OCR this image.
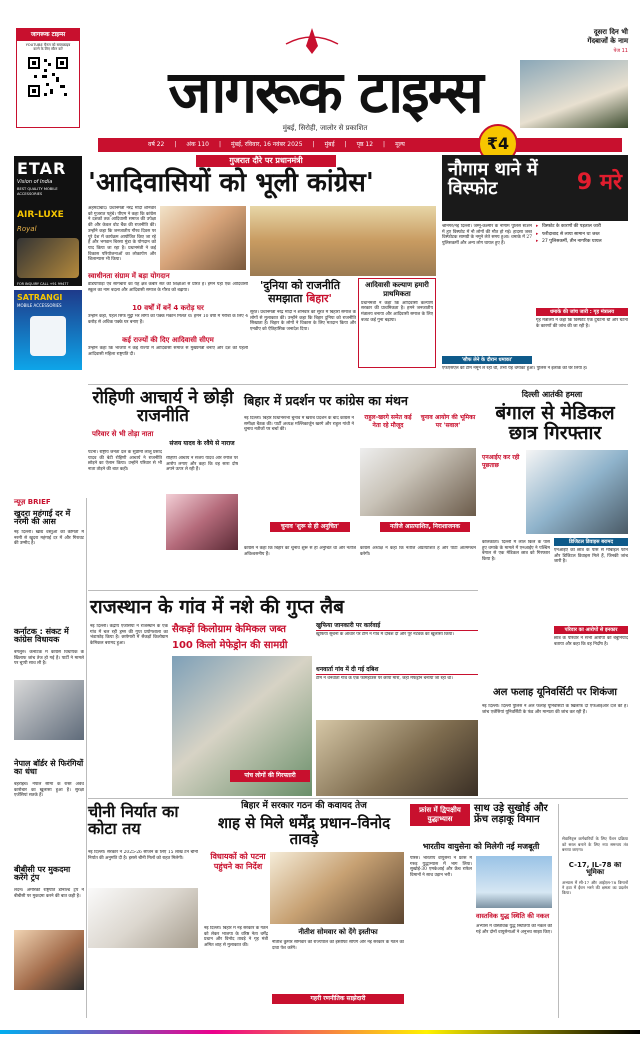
जागरूक टाइम्स
YOUTUBE चैनल को सब्सक्राइब
करने के लिए स्कैन करें
जागरूक टाइम्स
मुंबई, सिरोही, जालोर से प्रकाशित
दूसरा दिन भी
गेंदबाजों के नाम
पेज 11
वर्ष 22 | अंक 110 | मुंबई, रविवार, 16 नवंबर 2025 | मुंबई | पृष्ठ 12 | मूल्य	₹4
ETAR
Vision of India
BEST QUALITY MOBILE ACCESSORIES
AIR-LUXE
Royal
FOR INQUIRY CALL +91 99477 71124
SATRANGI
MOBILE ACCESSORIES
गुजरात दौरे पर प्रधानमंत्री
'आदिवासियों को भूली कांग्रेस'
अहमदाबाद। प्रधानमंत्री नरेंद्र मोदी शनिवार को गुजरात पहुंचे। पीएम ने कहा कि कांग्रेस ने दशकों तक आदिवासी समाज की उपेक्षा की और केवल वोट बैंक की राजनीति की। उन्होंने कहा कि जनजातीय गौरव दिवस पर पूरे देश में कार्यक्रम आयोजित किए जा रहे हैं और भगवान बिरसा मुंडा के योगदान को याद किया जा रहा है। प्रधानमंत्री ने कई विकास परियोजनाओं का लोकार्पण और शिलान्यास भी किया।
स्वाधीनता संग्राम में बड़ा योगदान
डेडियापाड़ा एवं सागबारा का यह क्षेत्र कबीर संत की शिक्षाओं से प्रेरित है। हमने यहां एक आदिवासी स्कूल का नाम बदला और आदिवासी समाज के गौरव को बढ़ाया।
10 वर्षों में बनें 4 करोड़ घर
उन्होंने कहा, पहले सिर्फ मुट्ठी भर लोगों को पक्के मकान मिलते थे। हमने 10 वर्षों में गरीबों के लिए 4 करोड़ से अधिक पक्के घर बनाए हैं।
कई राज्यों की दिए आदिवासी सीएम
उन्होंने कहा कि भाजपा ने कई राज्यों में आदिवासी समाज से मुख्यमंत्री बनाए और देश को पहली आदिवासी महिला राष्ट्रपति दी।
'दुनिया को राजनीति
समझाता बिहार'
सूरत। प्रधानमंत्री नरेंद्र मोदी ने शनिवार को सूरत में बिहारी समाज के लोगों से मुलाकात की। उन्होंने कहा कि बिहार दुनिया को राजनीति सिखाता है। बिहार के लोगों ने विकास के लिए मतदान किया और एनडीए को ऐतिहासिक जनादेश दिया।
आदिवासी कल्याण हमारी प्राथमिकता
प्रधानमंत्री ने कहा कि आदिवासी कल्याण सरकार की प्राथमिकता है। हमने जनजातीय मंत्रालय बनाया और आदिवासी समाज के लिए बजट कई गुना बढ़ाया।
नौगाम थाने में विस्फोट	9 मरे
श्रीनगर/नई दिल्ली। जम्मू-कश्मीर के नौगाम पुलिस स्टेशन में हुए विस्फोट में नौ लोगों की मौत हो गई। हादसा जब्त विस्फोटक सामग्री के नमूने लेते समय हुआ। धमाके में 27 पुलिसकर्मी और अन्य लोग घायल हुए हैं।
▸ विस्फोट के कारणों की पड़ताल जारी
▸ फरीदाबाद से लाया सामान था जब्त
▸ 27 पुलिसकर्मी, तीन नागरिक घायल
धमाके की जांच जारी : गृह मंत्रालय
गृह मंत्रालय ने कहा कि विस्फोट एक दुर्घटना थी और घटना के कारणों की जांच की जा रही है।
'सौफ लेने के दौरान धमाका'
एफएसएल की टीम नमूने ले रही थी, तभी यह धमाका हुआ। पुलिस ने इलाके को घेर लिया है।
रोहिणी आचार्य ने छोड़ी राजनीति
परिवार से भी तोड़ा नाता
पटना। राष्ट्रीय जनता दल के सुप्रीमो लालू प्रसाद यादव की बेटी रोहिणी आचार्य ने राजनीति छोड़ने का ऐलान किया। उन्होंने परिवार से भी नाता तोड़ने की बात कही।
संजय यादव के रवैये से नाराज
रोहिणी आचार्य ने संजय यादव और रमीज पर आरोप लगाए और कहा कि वह सारा दोष अपने ऊपर ले रही हैं।
न्यूज़ BRIEF
खुदरा महंगाई दर में नरमी की आस
नई दिल्ली। खाद्य वस्तुओं की कीमतों में नरमी से खुदरा महंगाई दर में और गिरावट की उम्मीद है।
कर्नाटक : संकट में कांग्रेस विधायक
बेंगलुरु। कर्नाटक में कांग्रेस विधायक के खिलाफ जांच तेज हो गई है। पार्टी ने मामले पर चुप्पी साध ली है।
नेपाल बॉर्डर से फिरंगियों का धंधा
बहराइच। नेपाल सीमा के रास्ते अवैध कारोबार का खुलासा हुआ है। सुरक्षा एजेंसियां सतर्क हैं।
बीबीसी पर मुकदमा करेंगे ट्रंप
लंदन। अमेरिकी राष्ट्रपति डोनाल्ड ट्रंप ने बीबीसी पर मुकदमा करने की बात कही है।
बिहार में प्रदर्शन पर कांग्रेस का मंथन
नई दिल्ली। बिहार विधानसभा चुनाव में खराब प्रदर्शन के बाद कांग्रेस ने समीक्षा बैठक की। पार्टी अध्यक्ष मल्लिकार्जुन खरगे और राहुल गांधी ने चुनाव नतीजों पर चर्चा की।
राहुल-खरगे समेत कई नेता रहे मौजूद
चुनाव आयोग की भूमिका पर 'सवाल'
चुनाव 'शुरू से ही अनुचित'
कांग्रेस ने कहा कि बिहार का चुनाव शुरू से ही अनुचित था और नतीजे अविश्वसनीय हैं।
नतीजे अप्रत्याशित, निराशाजनक
कांग्रेस अध्यक्ष ने कहा कि नतीजे अप्रत्याशित हैं और पार्टी आत्ममंथन करेगी।
दिल्ली आतंकी हमला
बंगाल से मेडिकल छात्र गिरफ्तार
एनआईए कर रही पूछताछ
कोलकाता। दिल्ली में लाल किले के पास हुए धमाके के मामले में एनआईए ने पश्चिम बंगाल से एक मेडिकल छात्र को गिरफ्तार किया है।
डिजिटल डिवाइस बरामद
एनआईए को छात्र के पास से मोबाइल फोन और डिजिटल डिवाइस मिले हैं, जिनकी जांच जारी है।
परिवार का आरोपों से इनकार
छात्र के परिवार ने सभी आरोपों को बेबुनियाद बताया और कहा कि वह निर्दोष है।
राजस्थान के गांव में नशे की गुप्त लैब
सैकड़ों किलोग्राम केमिकल जब्त
100 किलो मेफेड्रोन की सामग्री
नई दिल्ली। केंद्रीय एजेंसियों ने राजस्थान के एक गांव में चल रही ड्रग्स की गुप्त प्रयोगशाला का भंडाफोड़ किया है। छापेमारी में सैकड़ों किलोग्राम केमिकल बरामद हुआ।
पांच लोगों की गिरफ्तारी
खुफिया जानकारी पर कार्रवाई
खुफिया सूचना के आधार पर टीम ने गांव में दबिश दी और पूरे नेटवर्क का खुलासा किया।
धनवार्ता गांव में दी गई दबिश
टीम ने धनवार्ता गांव के एक फार्महाउस पर छापा मारा, जहां मेफेड्रोन बनाया जा रहा था।
अल फलाह यूनिवर्सिटी पर शिकंजा
नई दिल्ली। दिल्ली पुलिस ने अल फलाह यूनिवर्सिटी के खिलाफ दो एफआईआर दर्ज की हैं। जांच एजेंसियां यूनिवर्सिटी के फंड और मान्यता की जांच कर रही हैं।
चीनी निर्यात का कोटा तय
नई दिल्ली। सरकार ने 2025-26 सीजन के लिए 15 लाख टन चीनी निर्यात की अनुमति दी है। इससे चीनी मिलों को राहत मिलेगी।
बिहार में सरकार गठन की कवायद तेज
शाह से मिले धर्मेंद्र प्रधान–विनोद तावड़े
विधायकों को पटना पहुंचने का निर्देश
नई दिल्ली। बिहार में नई सरकार के गठन को लेकर भाजपा के वरिष्ठ नेता धर्मेंद्र प्रधान और विनोद तावड़े ने गृह मंत्री अमित शाह से मुलाकात की।
नीतीश सोमवार को देंगे इस्तीफा
नीतीश कुमार सोमवार को राज्यपाल को इस्तीफा सौंपेंगे और नई सरकार के गठन का दावा पेश करेंगे।
गहरी रणनीतिक साझेदारी
फ्रांस में द्विपक्षीय युद्धाभ्यास
साथ उड़े सुखोई और फ्रेंच लड़ाकू विमान
भारतीय वायुसेना को मिलेगी नई मजबूती
पेरिस। भारतीय वायुसेना ने फ्रांस में गरुड़ युद्धाभ्यास में भाग लिया। सुखोई-30 एमकेआई और फ्रेंच राफेल विमानों ने साथ उड़ान भरी।
वास्तविक युद्ध स्थिति की नकल
अभ्यास में वास्तविक युद्ध स्थितियों की नकल की गई और दोनों वायुसेनाओं ने अनुभव साझा किए।
सेवानिवृत्त कर्मचारियों के लिए पेंशन प्रक्रिया को सरल बनाने के लिए नया समन्वय तंत्र बनाया जाएगा।
C-17, IL-78 की भूमिका
अभ्यास में सी-17 और आईएल-78 विमानों ने हवा में ईंधन भरने की क्षमता का प्रदर्शन किया।
